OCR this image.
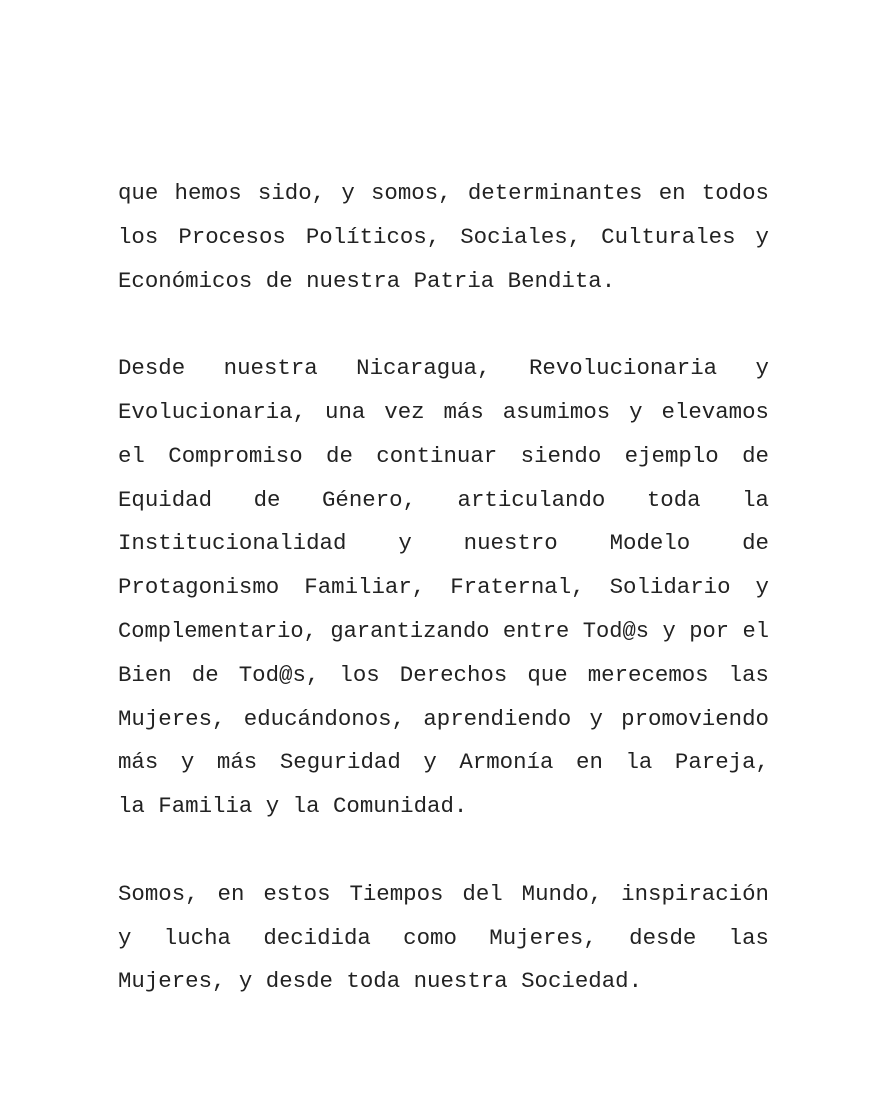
que hemos sido, y somos, determinantes en todos
los Procesos Políticos, Sociales, Culturales y
Económicos de nuestra Patria Bendita.

Desde nuestra Nicaragua, Revolucionaria y
Evolucionaria, una vez más asumimos y elevamos
el Compromiso de continuar siendo ejemplo de
Equidad de Género, articulando toda la
Institucionalidad y nuestro Modelo de
Protagonismo Familiar, Fraternal, Solidario y
Complementario, garantizando entre Tod@s y por el
Bien de Tod@s, los Derechos que merecemos las
Mujeres, educándonos, aprendiendo y promoviendo
más y más Seguridad y Armonía en la Pareja,
la Familia y la Comunidad.

Somos, en estos Tiempos del Mundo, inspiración
y lucha decidida como Mujeres, desde las
Mujeres, y desde toda nuestra Sociedad.
